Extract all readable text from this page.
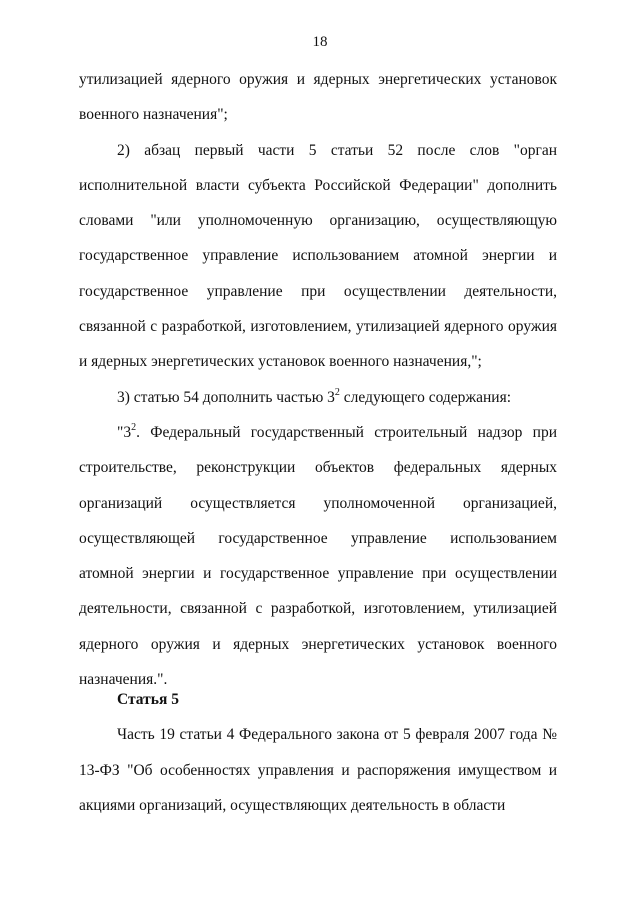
18

утилизацией ядерного оружия и ядерных энергетических установок военного назначения";

2) абзац первый части 5 статьи 52 после слов "орган исполнительной власти субъекта Российской Федерации" дополнить словами "или уполномоченную организацию, осуществляющую государственное управление использованием атомной энергии и государственное управление при осуществлении деятельности, связанной с разработкой, изготовлением, утилизацией ядерного оружия и ядерных энергетических установок военного назначения,";

3) статью 54 дополнить частью $3^2$ следующего содержания:

"$3^2$. Федеральный государственный строительный надзор при строительстве, реконструкции объектов федеральных ядерных организаций осуществляется уполномоченной организацией, осуществляющей государственное управление использованием атомной энергии и государственное управление при осуществлении деятельности, связанной с разработкой, изготовлением, утилизацией ядерного оружия и ядерных энергетических установок военного назначения.".

Статья 5

Часть 19 статьи 4 Федерального закона от 5 февраля 2007 года № 13-ФЗ "Об особенностях управления и распоряжения имуществом и акциями организаций, осуществляющих деятельность в области
